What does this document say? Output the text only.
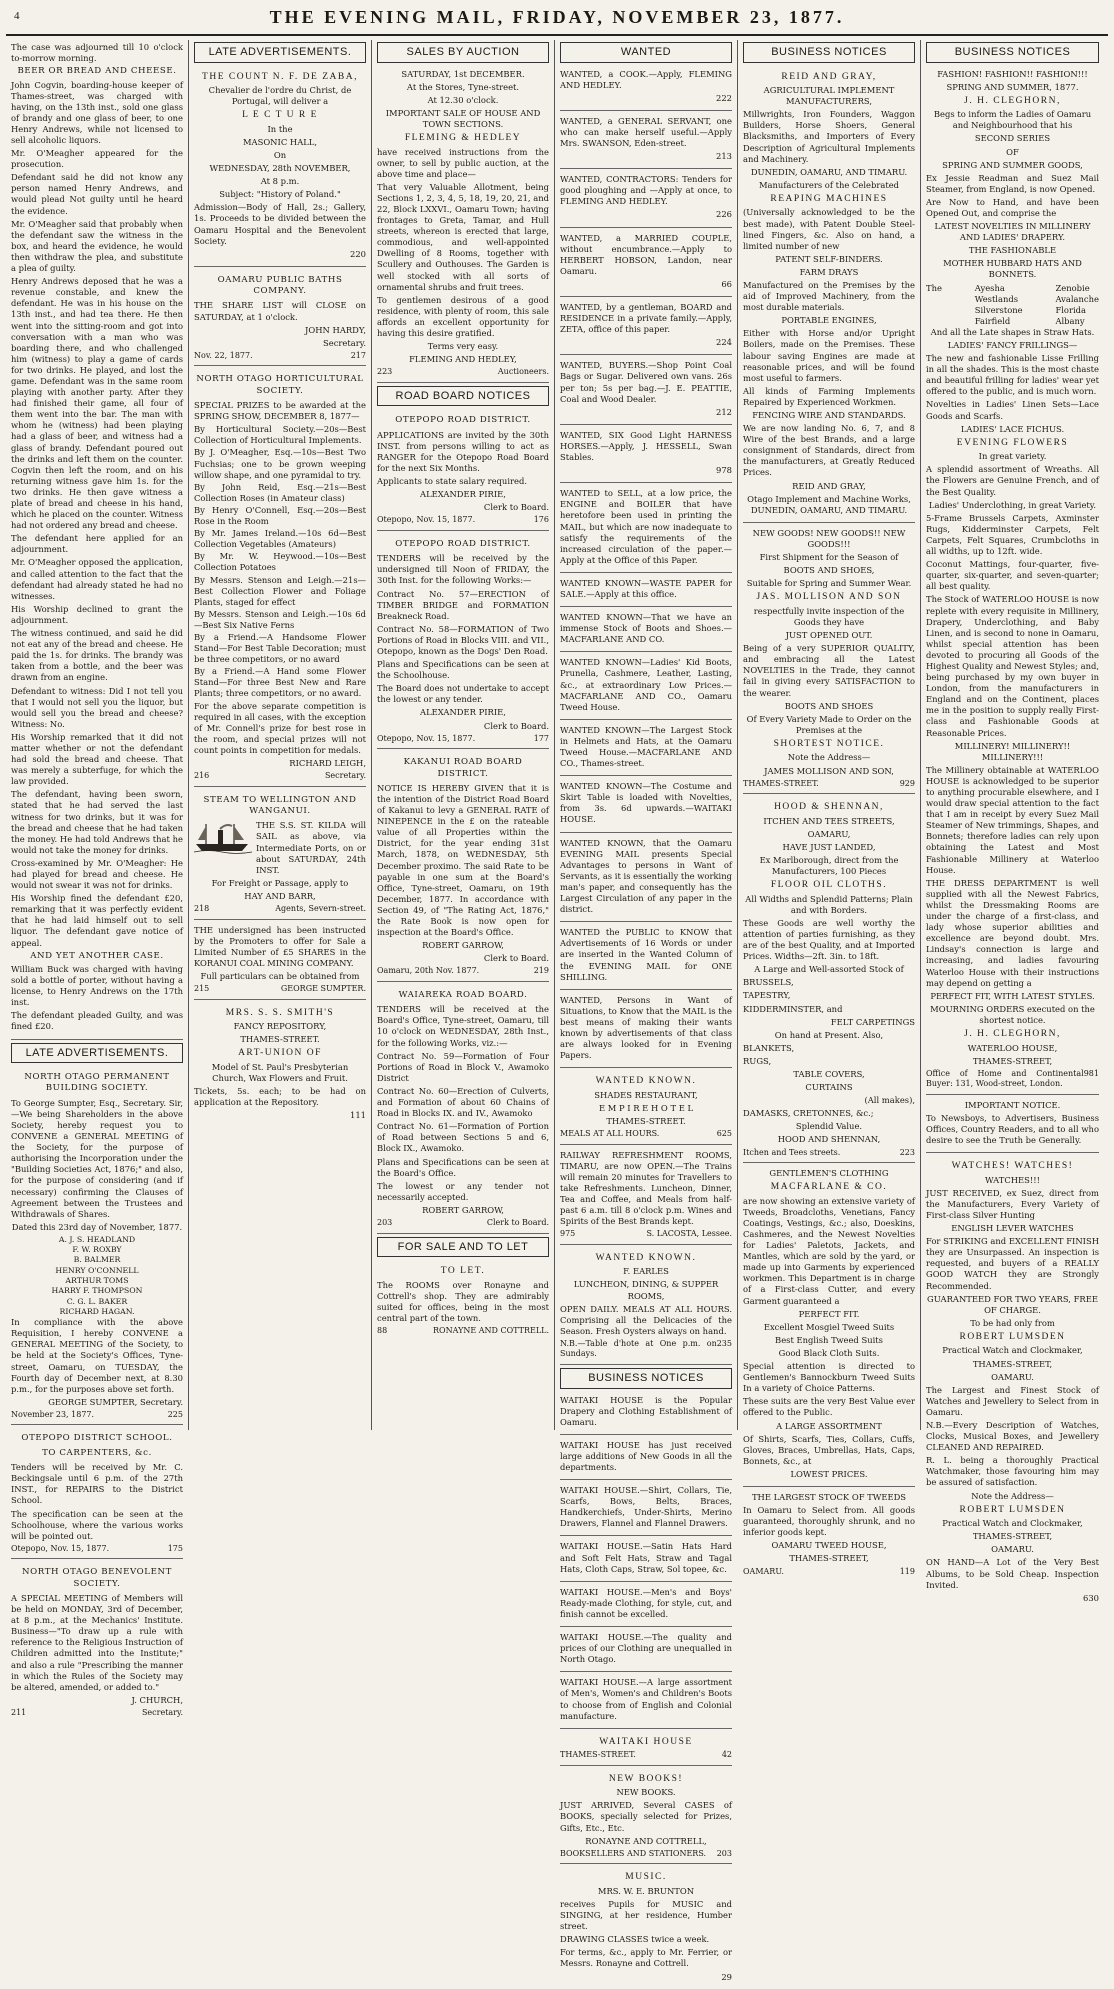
4	THE EVENING MAIL, FRIDAY, NOVEMBER 23, 1877.

The case was adjourned till 10 o'clock to-morrow morning.

BEER OR BREAD AND CHEESE.

John Cogvin, boarding-house keeper of Thames-street, was charged with having, on the 13th inst., sold one glass of brandy and one glass of beer, to one Henry Andrews, while not licensed to sell alcoholic liquors.

Mr. O'Meagher appeared for the prosecution.

Defendant said he did not know any person named Henry Andrews, and would plead Not guilty until he heard the evidence.

Mr. O'Meagher said that probably when the defendant saw the witness in the box, and heard the evidence, he would then withdraw the plea, and substitute a plea of guilty.

Henry Andrews deposed that he was a revenue constable, and knew the defendant. He was in his house on the 13th inst., and had tea there. He then went into the sitting-room and got into conversation with a man who was boarding there, and who challenged him (witness) to play a game of cards for two drinks. He played, and lost the game. Defendant was in the same room playing with another party. After they had finished their game, all four of them went into the bar. The man with whom he (witness) had been playing had a glass of beer, and witness had a glass of brandy. Defendant poured out the drinks and left them on the counter. Cogvin then left the room, and on his returning witness gave him 1s. for the two drinks. He then gave witness a plate of bread and cheese in his hand, which he placed on the counter. Witness had not ordered any bread and cheese.

The defendant here applied for an adjournment.

Mr. O'Meagher opposed the application, and called attention to the fact that the defendant had already stated he had no witnesses.

His Worship declined to grant the adjournment.

The witness continued, and said he did not eat any of the bread and cheese. He paid the 1s. for drinks. The brandy was taken from a bottle, and the beer was drawn from an engine.

Defendant to witness: Did I not tell you that I would not sell you the liquor, but would sell you the bread and cheese? Witness: No.

His Worship remarked that it did not matter whether or not the defendant had sold the bread and cheese. That was merely a subterfuge, for which the law provided.

The defendant, having been sworn, stated that he had served the last witness for two drinks, but it was for the bread and cheese that he had taken the money. He had told Andrews that he would not take the money for drinks.

Cross-examined by Mr. O'Meagher: He had played for bread and cheese. He would not swear it was not for drinks.

His Worship fined the defendant £20, remarking that it was perfectly evident that he had laid himself out to sell liquor. The defendant gave notice of appeal.

AND YET ANOTHER CASE.

William Buck was charged with having sold a bottle of porter, without having a license, to Henry Andrews on the 17th inst.

The defendant pleaded Guilty, and was fined £20.

LATE ADVERTISEMENTS.
NORTH OTAGO PERMANENT BUILDING SOCIETY.

To George Sumpter, Esq., Secretary. Sir,—We being Shareholders in the above Society, hereby request you to CONVENE a GENERAL MEETING of the Society, for the purpose of authorising the Incorporation under the "Building Societies Act, 1876;" and also, for the purpose of considering (and if necessary) confirming the Clauses of Agreement between the Trustees and Withdrawals of Shares.

Dated this 23rd day of November, 1877.

A. J. S. HEADLAND

F. W. ROXBY

B. BALMER

HENRY O'CONNELL

ARTHUR TOMS

HARRY F. THOMPSON

C. G. L. BAKER

RICHARD HAGAN.

In compliance with the above Requisition, I hereby CONVENE a GENERAL MEETING of the Society, to be held at the Society's Offices, Tyne-street, Oamaru, on TUESDAY, the Fourth day of December next, at 8.30 p.m., for the purposes above set forth.

GEORGE SUMPTER, Secretary.

November 23, 1877.	225
OTEPOPO DISTRICT SCHOOL.
TO CARPENTERS, &c.

Tenders will be received by Mr. C. Beckingsale until 6 p.m. of the 27th INST., for REPAIRS to the District School.

The specification can be seen at the Schoolhouse, where the various works will be pointed out.

Otepopo, Nov. 15, 1877.	175
NORTH OTAGO BENEVOLENT SOCIETY.

A SPECIAL MEETING of Members will be held on MONDAY, 3rd of December, at 8 p.m., at the Mechanics' Institute. Business—"To draw up a rule with reference to the Religious Instruction of Children admitted into the Institute;" and also a rule "Prescribing the manner in which the Rules of the Society may be altered, amended, or added to."

J. CHURCH,

211	Secretary.
LATE ADVERTISEMENTS.

THE COUNT N. F. DE ZABA,

Chevalier de l'ordre du Christ, de Portugal, will deliver a

L E C T U R E

In the

MASONIC HALL,

On

WEDNESDAY, 28th NOVEMBER,

At 8 p.m.

Subject: "History of Poland."

Admission—Body of Hall, 2s.; Gallery, 1s. Proceeds to be divided between the Oamaru Hospital and the Benevolent Society.

220

OAMARU PUBLIC BATHS COMPANY.

THE SHARE LIST will CLOSE on SATURDAY, at 1 o'clock.

JOHN HARDY,

Secretary.

Nov. 22, 1877.	217
NORTH OTAGO HORTICULTURAL SOCIETY.

SPECIAL PRIZES to be awarded at the SPRING SHOW, DECEMBER 8, 1877—

By Horticultural Society.—20s—Best Collection of Horticultural Implements.

By J. O'Meagher, Esq.—10s—Best Two Fuchsias; one to be grown weeping willow shape, and one pyramidal to try.

By John Reid, Esq.—21s—Best Collection Roses (in Amateur class)

By Henry O'Connell, Esq.—20s—Best Rose in the Room

By Mr. James Ireland.—10s 6d—Best Collection Vegetables (Amateurs)

By Mr. W. Heywood.—10s—Best Collection Potatoes

By Messrs. Stenson and Leigh.—21s—Best Collection Flower and Foliage Plants, staged for effect

By Messrs. Stenson and Leigh.—10s 6d—Best Six Native Ferns

By a Friend.—A Handsome Flower Stand—For Best Table Decoration; must be three competitors, or no award

By a Friend.—A Hand some Flower Stand—For three Best New and Rare Plants; three competitors, or no award.

For the above separate competition is required in all cases, with the exception of Mr. Connell's prize for best rose in the room, and special prizes will not count points in competition for medals.

RICHARD LEIGH,

216	Secretary.
STEAM TO WELLINGTON AND WANGANUI.

THE S.S. ST. KILDA will SAIL as above, via Intermediate Ports, on or about SATURDAY, 24th INST.

For Freight or Passage, apply to

HAY AND BARR,

218	Agents, Severn-street.

THE undersigned has been instructed by the Promoters to offer for Sale a Limited Number of £5 SHARES in the KORANUI COAL MINING COMPANY.

Full particulars can be obtained from

215	GEORGE SUMPTER.

MRS. S. S. SMITH'S

FANCY REPOSITORY,

THAMES-STREET.

ART-UNION OF

Model of St. Paul's Presbyterian Church, Wax Flowers and Fruit.

Tickets, 5s. each; to be had on application at the Repository.

111

SALES BY AUCTION

SATURDAY, 1st DECEMBER.

At the Stores, Tyne-street.

At 12.30 o'clock.

IMPORTANT SALE OF HOUSE AND TOWN SECTIONS.

FLEMING & HEDLEY

have received instructions from the owner, to sell by public auction, at the above time and place—

That very Valuable Allotment, being Sections 1, 2, 3, 4, 5, 18, 19, 20, 21, and 22, Block LXXVI., Oamaru Town; having frontages to Greta, Tamar, and Hull streets, whereon is erected that large, commodious, and well-appointed Dwelling of 8 Rooms, together with Scullery and Outhouses. The Garden is well stocked with all sorts of ornamental shrubs and fruit trees.

To gentlemen desirous of a good residence, with plenty of room, this sale affords an excellent opportunity for having this desire gratified.

Terms very easy.

FLEMING AND HEDLEY,

223	Auctioneers.
ROAD BOARD NOTICES
OTEPOPO ROAD DISTRICT.

APPLICATIONS are invited by the 30th INST. from persons willing to act as RANGER for the Otepopo Road Board for the next Six Months.

Applicants to state salary required.

ALEXANDER PIRIE,

Clerk to Board.

Otepopo, Nov. 15, 1877.	176
OTEPOPO ROAD DISTRICT.

TENDERS will be received by the undersigned till Noon of FRIDAY, the 30th Inst. for the following Works:—

Contract No. 57—ERECTION of TIMBER BRIDGE and FORMATION Breakneck Road.

Contract No. 58—FORMATION of Two Portions of Road in Blocks VIII. and VII., Otepopo, known as the Dogs' Den Road.

Plans and Specifications can be seen at the Schoolhouse.

The Board does not undertake to accept the lowest or any tender.

ALEXANDER PIRIE,

Clerk to Board.

Otepopo, Nov. 15, 1877.	177
KAKANUI ROAD BOARD DISTRICT.

NOTICE IS HEREBY GIVEN that it is the intention of the District Road Board of Kakanui to levy a GENERAL RATE of NINEPENCE in the £ on the rateable value of all Properties within the District, for the year ending 31st March, 1878, on WEDNESDAY, 5th December proximo. The said Rate to be payable in one sum at the Board's Office, Tyne-street, Oamaru, on 19th December, 1877. In accordance with Section 49, of "The Rating Act, 1876," the Rate Book is now open for inspection at the Board's Office.

ROBERT GARROW,

Clerk to Board.

Oamaru, 20th Nov. 1877.	219
WAIAREKA ROAD BOARD.

TENDERS will be received at the Board's Office, Tyne-street, Oamaru, till 10 o'clock on WEDNESDAY, 28th Inst., for the following Works, viz.:—

Contract No. 59—Formation of Four Portions of Road in Block V., Awamoko District

Contract No. 60—Erection of Culverts, and Formation of about 60 Chains of Road in Blocks IX. and IV., Awamoko

Contract No. 61—Formation of Portion of Road between Sections 5 and 6, Block IX., Awamoko.

Plans and Specifications can be seen at the Board's Office.

The lowest or any tender not necessarily accepted.

ROBERT GARROW,

203	Clerk to Board.
FOR SALE AND TO LET

TO LET.

The ROOMS over Ronayne and Cottrell's shop. They are admirably suited for offices, being in the most central part of the town.

88	RONAYNE AND COTTRELL.
WANTED

WANTED, a COOK.—Apply, FLEMING AND HEDLEY.

222

WANTED, a GENERAL SERVANT, one who can make herself useful.—Apply Mrs. SWANSON, Eden-street.

213

WANTED, CONTRACTORS: Tenders for good ploughing and —Apply at once, to FLEMING AND HEDLEY.

226

WANTED, a MARRIED COUPLE, without encumbrance.—Apply to HERBERT HOBSON, Landon, near Oamaru.

66

WANTED, by a gentleman, BOARD and RESIDENCE in a private family.—Apply, ZETA, office of this paper.

224

WANTED, BUYERS.—Shop Point Coal Bags or Sugar. Delivered own vans. 26s per ton; 5s per bag.—J. E. PEATTIE, Coal and Wood Dealer.

212

WANTED, SIX Good Light HARNESS HORSES.—Apply, J. HESSELL, Swan Stables.

978

WANTED to SELL, at a low price, the ENGINE and BOILER that have heretofore been used in printing the MAIL, but which are now inadequate to satisfy the requirements of the increased circulation of the paper.—Apply at the Office of this Paper.

WANTED KNOWN—WASTE PAPER for SALE.—Apply at this office.

WANTED KNOWN—That we have an immense Stock of Boots and Shoes.—MACFARLANE AND CO.

WANTED KNOWN—Ladies' Kid Boots, Prunella, Cashmere, Leather, Lasting, &c., at extraordinary Low Prices.—MACFARLANE AND CO., Oamaru Tweed House.

WANTED KNOWN—The Largest Stock in Helmets and Hats, at the Oamaru Tweed House.—MACFARLANE AND CO., Thames-street.

WANTED KNOWN—The Costume and Skirt Table is loaded with Novelties, from 3s. 6d upwards.—WAITAKI HOUSE.

WANTED KNOWN, that the Oamaru EVENING MAIL presents Special Advantages to persons in Want of Servants, as it is essentially the working man's paper, and consequently has the Largest Circulation of any paper in the district.

WANTED the PUBLIC to KNOW that Advertisements of 16 Words or under are inserted in the Wanted Column of the EVENING MAIL for ONE SHILLING.

WANTED, Persons in Want of Situations, to Know that the MAIL is the best means of making their wants known by advertisements of that class are always looked for in Evening Papers.

WANTED KNOWN.

SHADES RESTAURANT,

E M P I R E H O T E L

THAMES-STREET.

MEALS AT ALL HOURS.	625

RAILWAY REFRESHMENT ROOMS, TIMARU, are now OPEN.—The Trains will remain 20 minutes for Travellers to take Refreshments. Luncheon, Dinner, Tea and Coffee, and Meals from half-past 6 a.m. till 8 o'clock p.m. Wines and Spirits of the Best Brands kept.

975	S. LACOSTA, Lessee.

WANTED KNOWN.

F. EARLES

LUNCHEON, DINING, & SUPPER ROOMS,

OPEN DAILY. MEALS AT ALL HOURS. Comprising all the Delicacies of the Season. Fresh Oysters always on hand.

N.B.—Table d'hote at One p.m. on Sundays.
235
BUSINESS NOTICES

WAITAKI HOUSE is the Popular Drapery and Clothing Establishment of Oamaru.

WAITAKI HOUSE has just received large additions of New Goods in all the departments.

WAITAKI HOUSE.—Shirt, Collars, Tie, Scarfs, Bows, Belts, Braces, Handkerchiefs, Under-Shirts, Merino Drawers, Flannel and Flannel Drawers.

WAITAKI HOUSE.—Satin Hats Hard and Soft Felt Hats, Straw and Tagal Hats, Cloth Caps, Straw, Sol topee, &c.

WAITAKI HOUSE.—Men's and Boys' Ready-made Clothing, for style, cut, and finish cannot be excelled.

WAITAKI HOUSE.—The quality and prices of our Clothing are unequalled in North Otago.

WAITAKI HOUSE.—A large assortment of Men's, Women's and Children's Boots to choose from of English and Colonial manufacture.

WAITAKI HOUSE

THAMES-STREET.	42

NEW BOOKS!

NEW BOOKS.

JUST ARRIVED, Several CASES of BOOKS, specially selected for Prizes, Gifts, Etc., Etc.

RONAYNE AND COTTRELL,

BOOKSELLERS AND STATIONERS. 203

MUSIC.

MRS. W. E. BRUNTON

receives Pupils for MUSIC and SINGING, at her residence, Humber street.

DRAWING CLASSES twice a week.

For terms, &c., apply to Mr. Ferrier, or Messrs. Ronayne and Cottrell.

29

BUSINESS NOTICES

REID AND GRAY,

AGRICULTURAL IMPLEMENT MANUFACTURERS,

Millwrights, Iron Founders, Waggon Builders, Horse Shoers, General Blacksmiths, and Importers of Every Description of Agricultural Implements and Machinery.

DUNEDIN, OAMARU, AND TIMARU.

Manufacturers of the Celebrated

REAPING MACHINES

(Universally acknowledged to be the best made), with Patent Double Steel-lined Fingers, &c. Also on hand, a limited number of new

PATENT SELF-BINDERS.

FARM DRAYS

Manufactured on the Premises by the aid of Improved Machinery, from the most durable materials.

PORTABLE ENGINES,

Either with Horse and/or Upright Boilers, made on the Premises. These labour saving Engines are made at reasonable prices, and will be found most useful to farmers.

All kinds of Farming Implements Repaired by Experienced Workmen.

FENCING WIRE AND STANDARDS.

We are now landing No. 6, 7, and 8 Wire of the best Brands, and a large consignment of Standards, direct from the manufacturers, at Greatly Reduced Prices.

REID AND GRAY,

Otago Implement and Machine Works, DUNEDIN, OAMARU, AND TIMARU.

NEW GOODS! NEW GOODS!! NEW GOODS!!!

First Shipment for the Season of

BOOTS AND SHOES,

Suitable for Spring and Summer Wear.

JAS. MOLLISON AND SON

respectfully invite inspection of the Goods they have

JUST OPENED OUT.

Being of a very SUPERIOR QUALITY, and embracing all the Latest NOVELTIES in the Trade, they cannot fail in giving every SATISFACTION to the wearer.

BOOTS AND SHOES

Of Every Variety Made to Order on the Premises at the

SHORTEST NOTICE.

Note the Address—

JAMES MOLLISON AND SON,

THAMES-STREET.	929

HOOD & SHENNAN,

ITCHEN AND TEES STREETS,

OAMARU,

HAVE JUST LANDED,

Ex Marlborough, direct from the Manufacturers, 100 Pieces

FLOOR OIL CLOTHS.

All Widths and Splendid Patterns; Plain and with Borders.

These Goods are well worthy the attention of parties furnishing, as they are of the best Quality, and at Imported Prices. Widths—2ft. 3in. to 18ft.

A Large and Well-assorted Stock of

BRUSSELS,

TAPESTRY,

KIDDERMINSTER, and

FELT CARPETINGS

On hand at Present. Also,

BLANKETS,

RUGS,

TABLE COVERS,

CURTAINS

(All makes),

DAMASKS, CRETONNES, &c.;

Splendid Value.

HOOD AND SHENNAN,

Itchen and Tees streets.	223

GENTLEMEN'S CLOTHING

MACFARLANE & CO.

are now showing an extensive variety of Tweeds, Broadcloths, Venetians, Fancy Coatings, Vestings, &c.; also, Doeskins, Cashmeres, and the Newest Novelties for Ladies' Paletots, Jackets, and Mantles, which are sold by the yard, or made up into Garments by experienced workmen. This Department is in charge of a First-class Cutter, and every Garment guaranteed a

PERFECT FIT.

Excellent Mosgiel Tweed Suits

Best English Tweed Suits

Good Black Cloth Suits.

Special attention is directed to Gentlemen's Bannockburn Tweed Suits In a variety of Choice Patterns.

These suits are the very Best Value ever offered to the Public.

A LARGE ASSORTMENT

Of Shirts, Scarfs, Ties, Collars, Cuffs, Gloves, Braces, Umbrellas, Hats, Caps, Bonnets, &c., at

LOWEST PRICES.

THE LARGEST STOCK OF TWEEDS

In Oamaru to Select from. All goods guaranteed, thoroughly shrunk, and no inferior goods kept.

OAMARU TWEED HOUSE,

THAMES-STREET,

OAMARU.	119
BUSINESS NOTICES

FASHION! FASHION!! FASHION!!!

SPRING AND SUMMER, 1877.

J. H. CLEGHORN,

Begs to inform the Ladies of Oamaru and Neighbourhood that his

SECOND SERIES

OF

SPRING AND SUMMER GOODS,

Ex Jessie Readman and Suez Mail Steamer, from England, is now Opened.

Are Now to Hand, and have been Opened Out, and comprise the

LATEST NOVELTIES IN MILLINERY AND LADIES' DRAPERY.

THE FASHIONABLE

MOTHER HUBBARD HATS AND BONNETS.

The	Ayesha
Westlands
Silverstone
Fairfield
Zenobie
Avalanche
Florida
Albany

And all the Late shapes in Straw Hats.

LADIES' FANCY FRILLINGS—

The new and fashionable Lisse Frilling in all the shades. This is the most chaste and beautiful frilling for ladies' wear yet offered to the public, and is much worn.

Novelties in Ladies' Linen Sets—Lace Goods and Scarfs.

LADIES' LACE FICHUS.

EVENING FLOWERS

In great variety.

A splendid assortment of Wreaths. All the Flowers are Genuine French, and of the Best Quality.

Ladies' Underclothing, in great Variety.

5-Frame Brussels Carpets, Axminster Rugs, Kidderminster Carpets, Felt Carpets, Felt Squares, Crumbcloths in all widths, up to 12ft. wide.

Coconut Mattings, four-quarter, five-quarter, six-quarter, and seven-quarter; all best quality.

The Stock of WATERLOO HOUSE is now replete with every requisite in Millinery, Drapery, Underclothing, and Baby Linen, and is second to none in Oamaru, whilst special attention has been devoted to procuring all Goods of the Highest Quality and Newest Styles; and, being purchased by my own buyer in London, from the manufacturers in England and on the Continent, places me in the position to supply really First-class and Fashionable Goods at Reasonable Prices.

MILLINERY! MILLINERY!! MILLINERY!!!

The Millinery obtainable at WATERLOO HOUSE is acknowledged to be superior to anything procurable elsewhere, and I would draw special attention to the fact that I am in receipt by every Suez Mail Steamer of New trimmings, Shapes, and Bonnets; therefore ladies can rely upon obtaining the Latest and Most Fashionable Millinery at Waterloo House.

THE DRESS DEPARTMENT is well supplied with all the Newest Fabrics, whilst the Dressmaking Rooms are under the charge of a first-class, and lady whose superior abilities and excellence are beyond doubt. Mrs. Lindsay's connection is large and increasing, and ladies favouring Waterloo House with their instructions may depend on getting a

PERFECT FIT, WITH LATEST STYLES.

MOURNING ORDERS executed on the shortest notice.

J. H. CLEGHORN,

WATERLOO HOUSE,

THAMES-STREET,

Office of Home and Continental Buyer: 131, Wood-street, London.
981

IMPORTANT NOTICE.

To Newsboys, to Advertisers, Business Offices, Country Readers, and to all who desire to see the Truth be Generally.

WATCHES! WATCHES!

WATCHES!!!

JUST RECEIVED, ex Suez, direct from the Manufacturers, Every Variety of First-class Silver Hunting

ENGLISH LEVER WATCHES

For STRIKING and EXCELLENT FINISH they are Unsurpassed. An inspection is requested, and buyers of a REALLY GOOD WATCH they are Strongly Recommended.

GUARANTEED FOR TWO YEARS, FREE OF CHARGE.

To be had only from

ROBERT LUMSDEN

Practical Watch and Clockmaker,

THAMES-STREET,

OAMARU.

The Largest and Finest Stock of Watches and Jewellery to Select from in Oamaru.

N.B.—Every Description of Watches, Clocks, Musical Boxes, and Jewellery CLEANED AND REPAIRED.

R. L. being a thoroughly Practical Watchmaker, those favouring him may be assured of satisfaction.

Note the Address—

ROBERT LUMSDEN

Practical Watch and Clockmaker,

THAMES-STREET,

OAMARU.

ON HAND—A Lot of the Very Best Albums, to be Sold Cheap. Inspection Invited.

630
